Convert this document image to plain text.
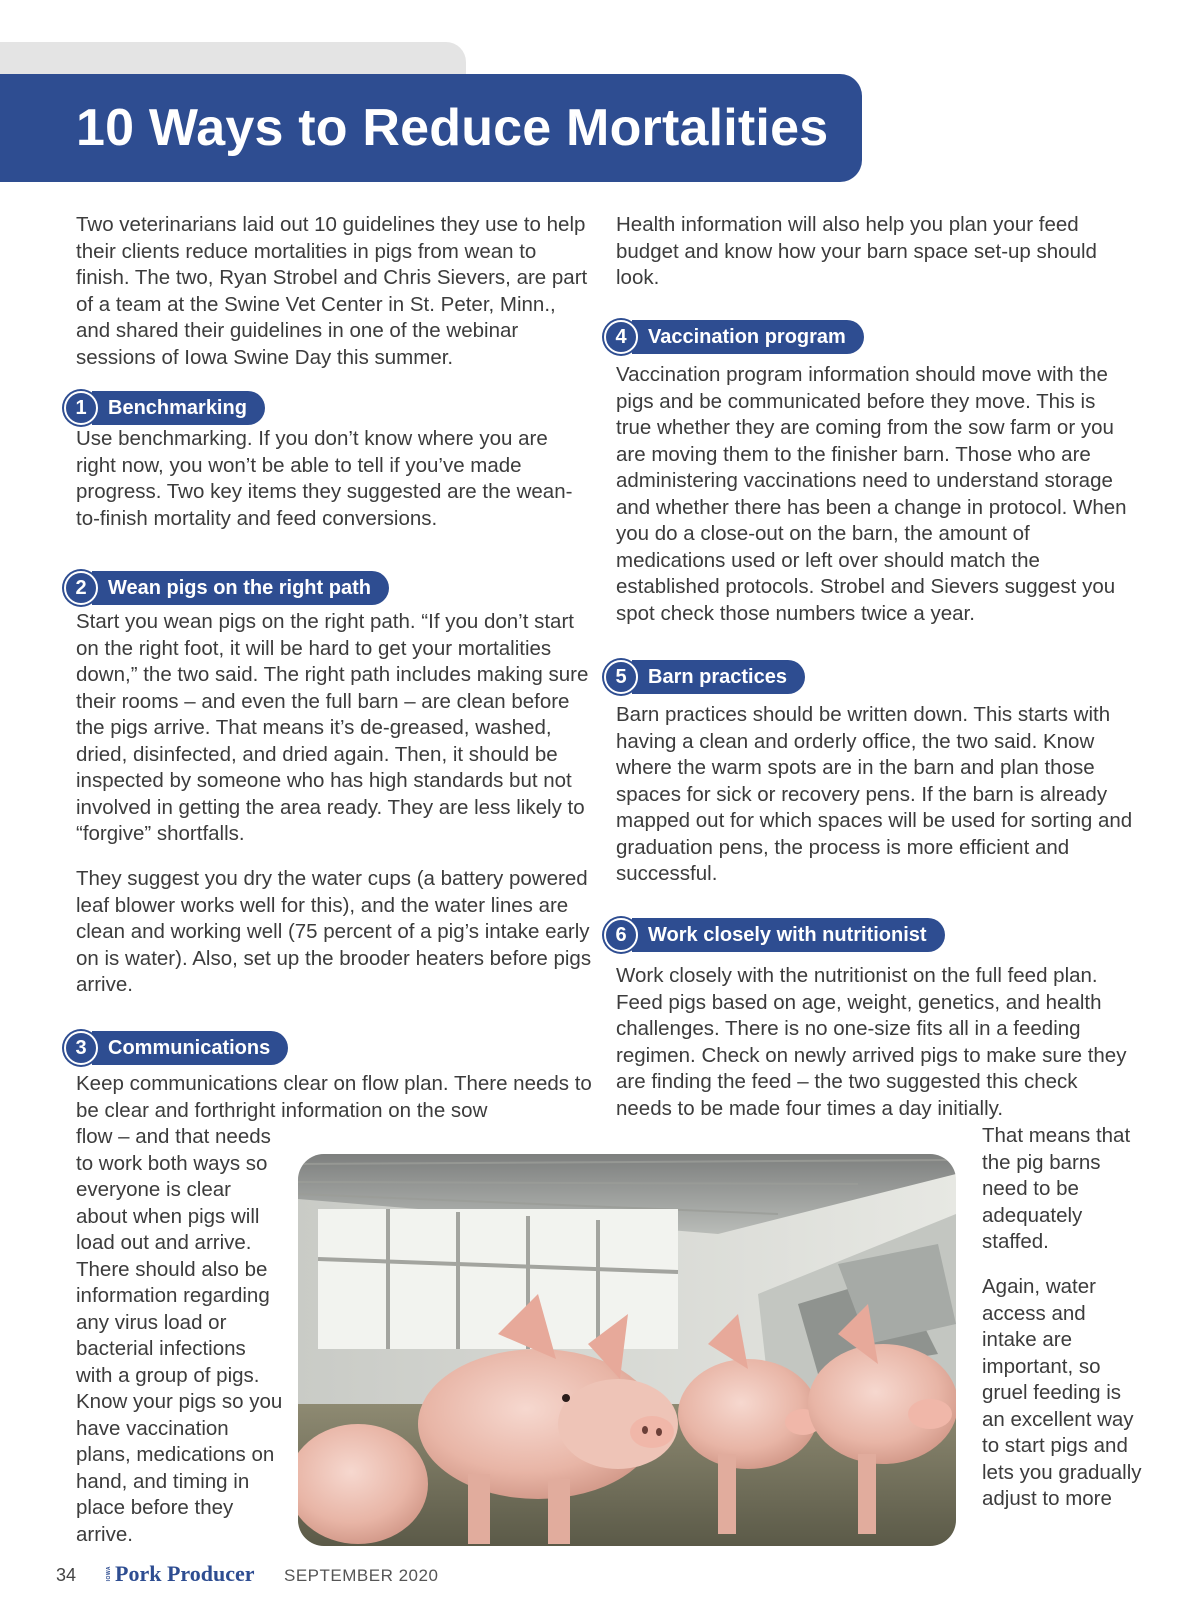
10 Ways to Reduce Mortalities

Two veterinarians laid out 10 guidelines they use to help their clients reduce mortalities in pigs from wean to finish. The two, Ryan Strobel and Chris Sievers, are part of a team at the Swine Vet Center in St. Peter, Minn., and shared their guidelines in one of the webinar sessions of Iowa Swine Day this summer.

1	Benchmarking

Use benchmarking. If you don’t know where you are right now, you won’t be able to tell if you’ve made progress. Two key items they suggested are the wean-to-finish mortality and feed conversions.

2	Wean pigs on the right path

Start you wean pigs on the right path. “If you don’t start on the right foot, it will be hard to get your mortalities down,” the two said. The right path includes making sure their rooms – and even the full barn – are clean before the pigs arrive. That means it’s de-greased, washed, dried, disinfected, and dried again. Then, it should be inspected by someone who has high standards but not involved in getting the area ready. They are less likely to “forgive” shortfalls.

They suggest you dry the water cups (a battery powered leaf blower works well for this), and the water lines are clean and working well (75 percent of a pig’s intake early on is water). Also, set up the brooder heaters before pigs arrive.

3	Communications

Keep communications clear on flow plan. There needs to be clear and forthright information on the sow

flow – and that needs to work both ways so everyone is clear about when pigs will load out and arrive. There should also be information regarding any virus load or bacterial infections with a group of pigs. Know your pigs so you have vaccination plans, medications on hand, and timing in place before they arrive.

Health information will also help you plan your feed budget and know how your barn space set-up should look.

4	Vaccination program

Vaccination program information should move with the pigs and be communicated before they move. This is true whether they are coming from the sow farm or you are moving them to the finisher barn. Those who are administering vaccinations need to understand storage and whether there has been a change in protocol. When you do a close-out on the barn, the amount of medications used or left over should match the established protocols. Strobel and Sievers suggest you spot check those numbers twice a year.

5	Barn practices

Barn practices should be written down. This starts with having a clean and orderly office, the two said. Know where the warm spots are in the barn and plan those spaces for sick or recovery pens. If the barn is already mapped out for which spaces will be used for sorting and graduation pens, the process is more efficient and successful.

6	Work closely with nutritionist

Work closely with the nutritionist on the full feed plan. Feed pigs based on age, weight, genetics, and health challenges. There is no one-size fits all in a feeding regimen. Check on newly arrived pigs to make sure they are finding the feed – the two suggested this check needs to be made four times a day initially.

That means that the pig barns need to be adequately staffed.

Again, water access and intake are important, so gruel feeding is an excellent way to start pigs and lets you gradually adjust to more

34	IOWA Pork Producer SEPTEMBER 2020
